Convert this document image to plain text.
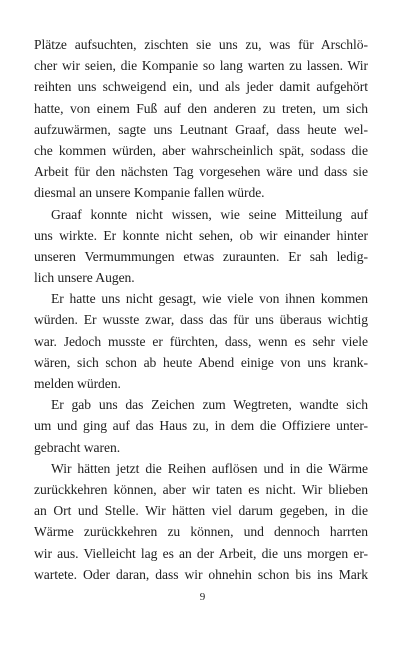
Plätze aufsuchten, zischten sie uns zu, was für Arschlö-
cher wir seien, die Kompanie so lang warten zu lassen. Wir
reihten uns schweigend ein, und als jeder damit aufgehört
hatte, von einem Fuß auf den anderen zu treten, um sich
aufzuwärmen, sagte uns Leutnant Graaf, dass heute wel-
che kommen würden, aber wahrscheinlich spät, sodass die
Arbeit für den nächsten Tag vorgesehen wäre und dass sie
diesmal an unsere Kompanie fallen würde.
Graaf konnte nicht wissen, wie seine Mitteilung auf
uns wirkte. Er konnte nicht sehen, ob wir einander hinter
unseren Vermummungen etwas zuraunten. Er sah ledig-
lich unsere Augen.
Er hatte uns nicht gesagt, wie viele von ihnen kommen
würden. Er wusste zwar, dass das für uns überaus wichtig
war. Jedoch musste er fürchten, dass, wenn es sehr viele
wären, sich schon ab heute Abend einige von uns krank-
melden würden.
Er gab uns das Zeichen zum Wegtreten, wandte sich
um und ging auf das Haus zu, in dem die Offiziere unter-
gebracht waren.
Wir hätten jetzt die Reihen auflösen und in die Wärme
zurückkehren können, aber wir taten es nicht. Wir blieben
an Ort und Stelle. Wir hätten viel darum gegeben, in die
Wärme zurückkehren zu können, und dennoch harrten
wir aus. Vielleicht lag es an der Arbeit, die uns morgen er-
wartete. Oder daran, dass wir ohnehin schon bis ins Mark
9
